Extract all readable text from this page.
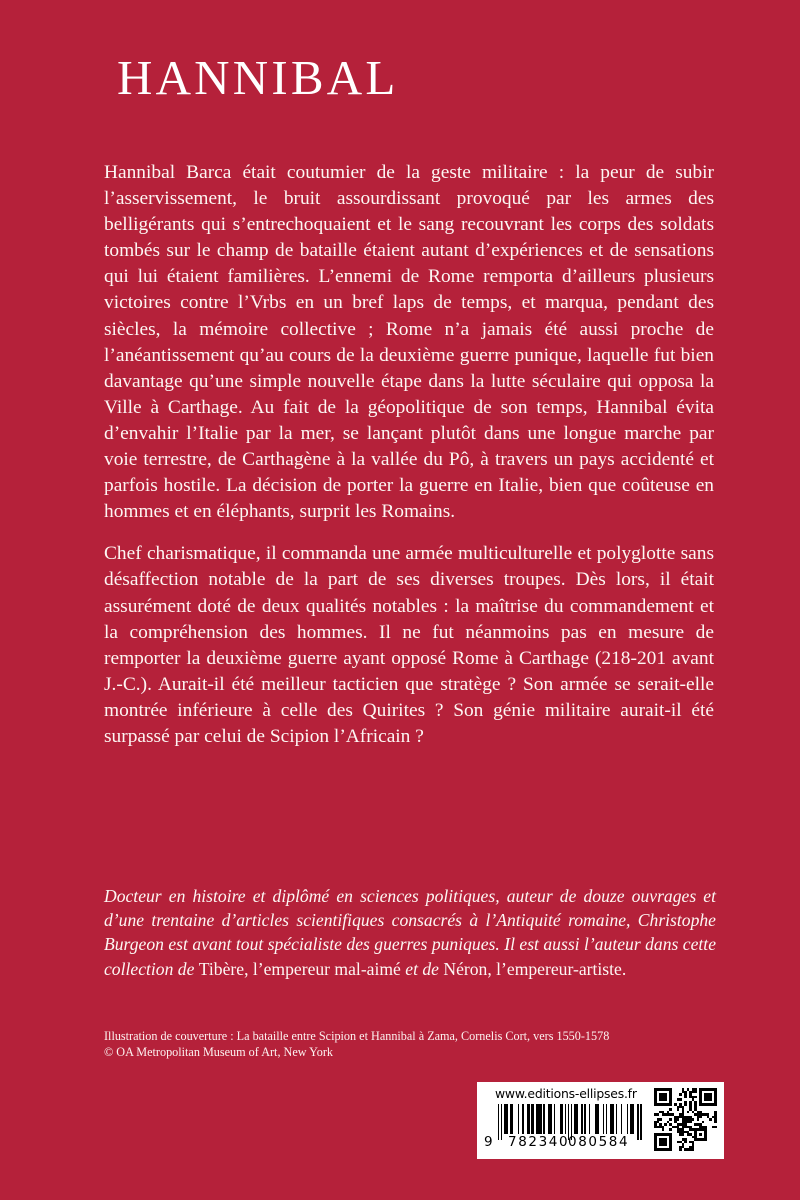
HANNIBAL

Hannibal Barca était coutumier de la geste militaire : la peur de subir l’asservissement, le bruit assourdissant provoqué par les armes des belligérants qui s’entrechoquaient et le sang recouvrant les corps des soldats tombés sur le champ de bataille étaient autant d’expériences et de sensations qui lui étaient familières. L’ennemi de Rome remporta d’ailleurs plusieurs victoires contre l’Vrbs en un bref laps de temps, et marqua, pendant des siècles, la mémoire collective ; Rome n’a jamais été aussi proche de l’anéantissement qu’au cours de la deuxième guerre punique, laquelle fut bien davantage qu’une simple nouvelle étape dans la lutte séculaire qui opposa la Ville à Carthage. Au fait de la géopolitique de son temps, Hannibal évita d’envahir l’Italie par la mer, se lançant plutôt dans une longue marche par voie terrestre, de Carthagène à la vallée du Pô, à travers un pays accidenté et parfois hostile. La décision de porter la guerre en Italie, bien que coûteuse en hommes et en éléphants, surprit les Romains.

Chef charismatique, il commanda une armée multiculturelle et polyglotte sans désaffection notable de la part de ses diverses troupes. Dès lors, il était assurément doté de deux qualités notables : la maîtrise du commandement et la compréhension des hommes. Il ne fut néanmoins pas en mesure de remporter la deuxième guerre ayant opposé Rome à Carthage (218-201 avant J.-C.). Aurait-il été meilleur tacticien que stratège ? Son armée se serait-elle montrée inférieure à celle des Quirites ? Son génie militaire aurait-il été surpassé par celui de Scipion l’Africain ?

Docteur en histoire et diplômé en sciences politiques, auteur de douze ouvrages et d’une trentaine d’articles scientifiques consacrés à l’Antiquité romaine, Christophe Burgeon est avant tout spécialiste des guerres puniques. Il est aussi l’auteur dans cette collection de Tibère, l’empereur mal-aimé et de Néron, l’empereur-artiste.
Illustration de couverture : La bataille entre Scipion et Hannibal à Zama, Cornelis Cort, vers 1550-1578
© OA Metropolitan Museum of Art, New York
www.editions-ellipses.fr
9 782340
080584
